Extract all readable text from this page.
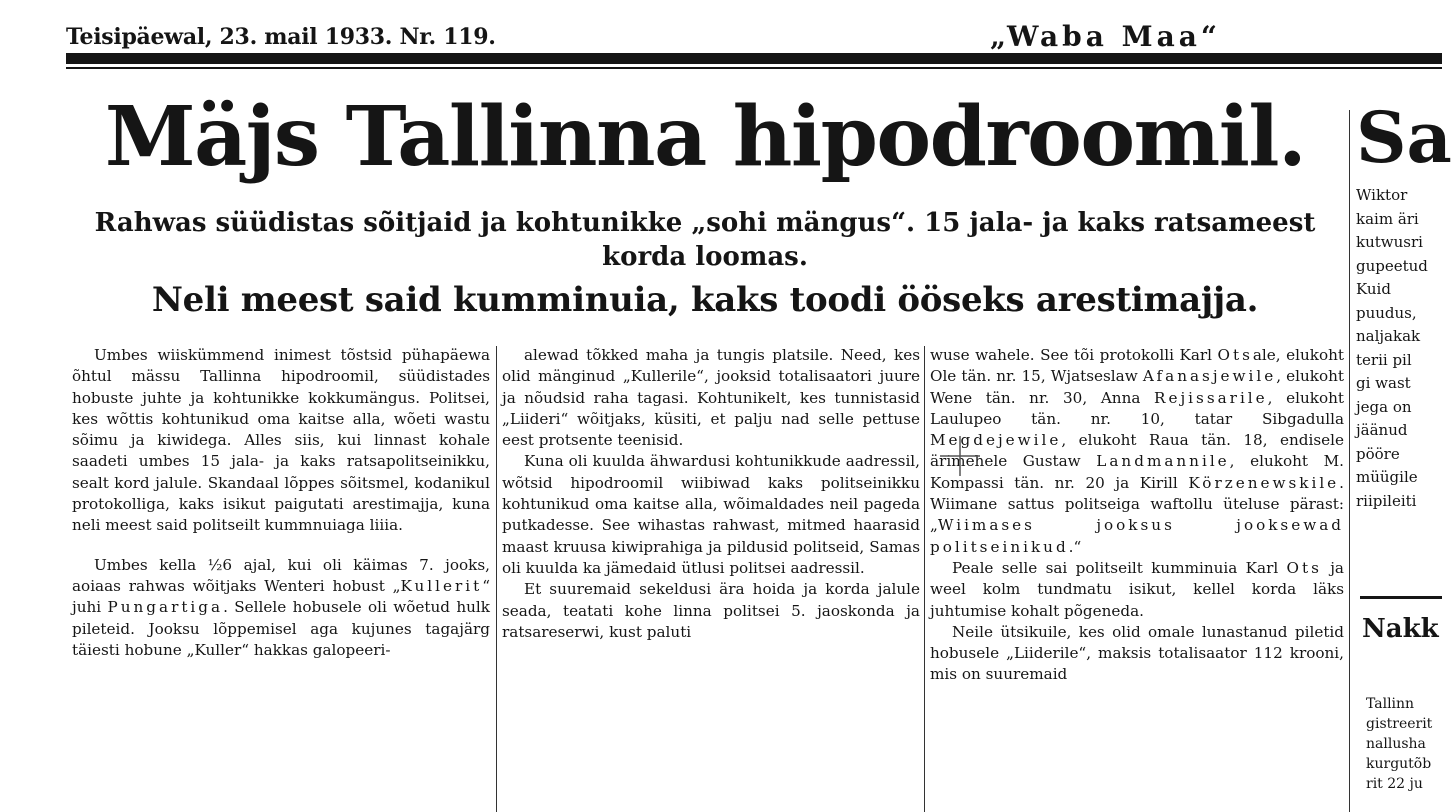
Teisipäewal, 23. mail 1933. Nr. 119.	„Waba Maa“
Mäjs Tallinna hipodroomil.
Rahwas süüdistas sõitjaid ja kohtunikke „sohi mängus“. 15 jala- ja kaks ratsameest korda loomas.
Neli meest said kumminuia, kaks toodi ööseks arestimajja.

Umbes wiiskümmend inimest tõstsid pühapäewa õhtul mässu Tallinna hipodroomil, süüdistades hobuste juhte ja kohtunikke kokkumängus. Politsei, kes wõttis kohtunikud oma kaitse alla, wõeti wastu sõimu ja kiwidega. Alles siis, kui linnast kohale saadeti umbes 15 jala- ja kaks ratsapolitseinikku, sealt kord jalule. Skandaal lõppes sõitsmel, kodanikul protokolliga, kaks isikut paigutati arestimajja, kuna neli meest said politseilt kummnuiaga liiia.

Umbes kella ½6 ajal, kui oli käimas 7. jooks, aoiaas rahwas wõitjaks Wenteri hobust „Kullerit“ juhi Pungartiga. Sellele hobusele oli wõetud hulk pileteid. Jooksu lõppemisel aga kujunes tagajärg täiesti hobune „Kuller“ hakkas galopeeri-

alewad tõkked maha ja tungis platsile. Need, kes olid mänginud „Kullerile“, jooksid totalisaatori juure ja nõudsid raha tagasi. Kohtunikelt, kes tunnistasid „Liideri“ wõitjaks, küsiti, et palju nad selle pettuse eest protsente teenisid.

Kuna oli kuulda ähwardusi kohtunikkude aadressil, wõtsid hipodroomil wiibiwad kaks politseinikku kohtunikud oma kaitse alla, wõimaldades neil pageda putkadesse. See wihastas rahwast, mitmed haarasid maast kruusa kiwiprahiga ja pildusid politseid, Samas oli kuulda ka jämedaid ütlusi politsei aadressil.

Et suuremaid sekeldusi ära hoida ja korda jalule seada, teatati kohe linna politsei 5. jaoskonda ja ratsareserwi, kust paluti

wuse wahele. See tõi protokolli Karl Otsale, elukoht Ole tän. nr. 15, Wjatseslaw Afanasjewile, elukoht Wene tän. nr. 30, Anna Rejissarile, elukoht Laulupeo tän. nr. 10, tatar Sibgadulla Megdejewile, elukoht Raua tän. 18, endisele ärimehele Gustaw Landmannile, elukoht M. Kompassi tän. nr. 20 ja Kirill Körzenewskile. Wiimane sattus politseiga waftollu üteluse pärast: „Wiimases jooksus jooksewad politseinikud.“

Peale selle sai politseilt kumminuia Karl Ots ja weel kolm tundmatu isikut, kellel korda läks juhtumise kohalt põgeneda.

Neile ütsikuile, kes olid omale lunastanud piletid hobusele „Liiderile“, maksis totalisaator 112 krooni, mis on suuremaid

Sa
Wiktor
kaim äri
kutwusri
gupeetud
Kuid
puudus,
naljakak
terii pil
gi wast
jega on
jäänud
pööre
müügile
riipileiti
Nakk
Tallinn
gistreerit
nallusha
kurgutõb
rit 22 ju
